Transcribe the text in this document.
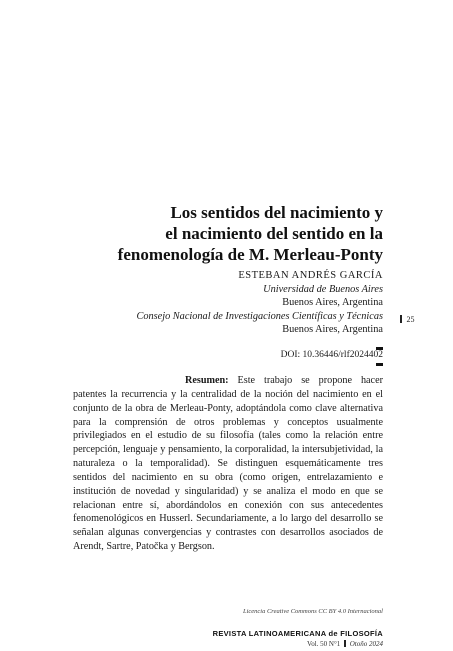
Los sentidos del nacimiento y
el nacimiento del sentido en la
fenomenología de M. Merleau-Ponty
ESTEBAN ANDRÉS GARCÍA
Universidad de Buenos Aires
Buenos Aires, Argentina
Consejo Nacional de Investigaciones Científicas y Técnicas
Buenos Aires, Argentina
25
DOI: 10.36446/rlf2024402

Resumen: Este trabajo se propone hacer patentes la recurrencia y la centralidad de la noción del nacimiento en el conjunto de la obra de Merleau-Ponty, adoptándola como clave alternativa para la comprensión de otros problemas y conceptos usualmente privilegiados en el estudio de su filosofía (tales como la relación entre percepción, lenguaje y pensamiento, la corporalidad, la intersubjetividad, la naturaleza o la temporalidad). Se distinguen esquemáticamente tres sentidos del nacimiento en su obra (como origen, entrelazamiento e institución de novedad y singularidad) y se analiza el modo en que se relacionan entre sí, abordándolos en conexión con sus antecedentes fenomenológicos en Husserl. Secundariamente, a lo largo del desarrollo se señalan algunas convergencias y contrastes con desarrollos asociados de Arendt, Sartre, Patočka y Bergson.

Licencia Creative Commons CC BY 4.0 Internacional
REVISTA LATINOAMERICANA de FILOSOFÍA
Vol. 50 N°1 Otoño 2024
